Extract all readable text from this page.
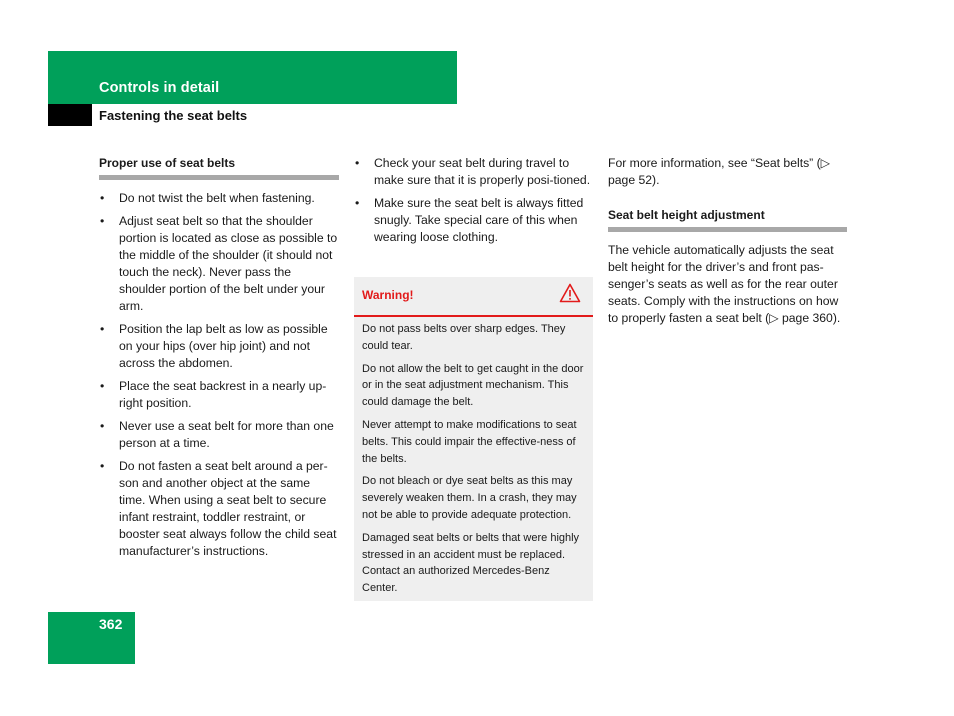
Controls in detail
Fastening the seat belts
Proper use of seat belts
• Do not twist the belt when fastening.
• Adjust seat belt so that the shoulder portion is located as close as possible to the middle of the shoulder (it should not touch the neck). Never pass the shoulder portion of the belt under your arm.
• Position the lap belt as low as possible on your hips (over hip joint) and not across the abdomen.
• Place the seat backrest in a nearly up-right position.
• Never use a seat belt for more than one person at a time.
• Do not fasten a seat belt around a per-son and another object at the same time. When using a seat belt to secure infant restraint, toddler restraint, or booster seat always follow the child seat manufacturer’s instructions.
• Check your seat belt during travel to make sure that it is properly posi-tioned.
• Make sure the seat belt is always fitted snugly. Take special care of this when wearing loose clothing.
Warning!

Do not pass belts over sharp edges. They could tear.

Do not allow the belt to get caught in the door or in the seat adjustment mechanism. This could damage the belt.

Never attempt to make modifications to seat belts. This could impair the effective-ness of the belts.

Do not bleach or dye seat belts as this may severely weaken them. In a crash, they may not be able to provide adequate protection.

Damaged seat belts or belts that were highly stressed in an accident must be replaced. Contact an authorized Mercedes-Benz Center.

For more information, see “Seat belts” (▷ page 52).

Seat belt height adjustment

The vehicle automatically adjusts the seat belt height for the driver’s and front pas-senger’s seats as well as for the rear outer seats. Comply with the instructions on how to properly fasten a seat belt (▷ page 360).

362
